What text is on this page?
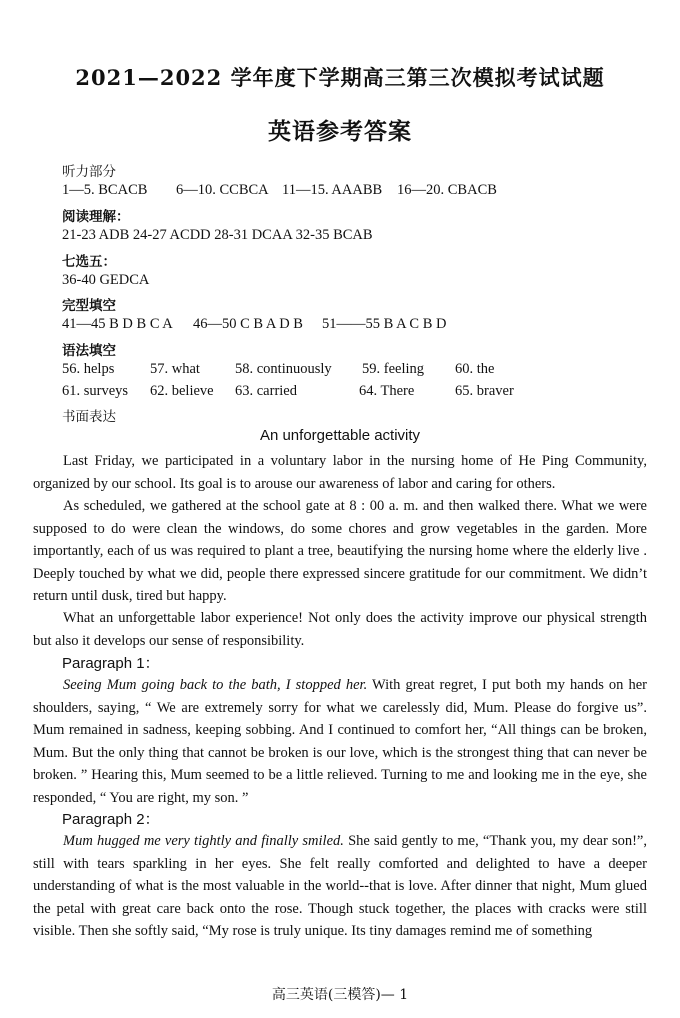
2021—2022 学年度下学期高三第三次模拟考试试题
英语参考答案
听力部分
1—5. BCACB 6—10. CCBCA 11—15. AAABB 16—20. CBACB
阅读理解：
21-23 ADB 24-27 ACDD 28-31 DCAA 32-35 BCAB
七选五：
36-40 GEDCA
完型填空
41—45 B D B C A 46—50 C B A D B 51——55 B A C B D
语法填空
56. helps 57. what 58. continuously 59. feeling 60. the
61. surveys 62. believe 63. carried	64. There	65. braver
书面表达
An unforgettable activity

Last Friday, we participated in a voluntary labor in the nursing home of He Ping Community, organized by our school. Its goal is to arouse our awareness of labor and caring for others.

As scheduled, we gathered at the school gate at 8 : 00 a. m. and then walked there. What we were supposed to do were clean the windows, do some chores and grow vegetables in the garden. More importantly, each of us was required to plant a tree, beautifying the nursing home where the elderly live . Deeply touched by what we did, people there expressed sincere gratitude for our commitment. We didn’t return until dusk, tired but happy.

What an unforgettable labor experience! Not only does the activity improve our physical strength but also it develops our sense of responsibility.

Paragraph 1：

Seeing Mum going back to the bath, I stopped her. With great regret, I put both my hands on her shoulders, saying, “ We are extremely sorry for what we carelessly did, Mum. Please do forgive us”. Mum remained in sadness, keeping sobbing. And I continued to comfort her, “All things can be broken, Mum. But the only thing that cannot be broken is our love, which is the strongest thing that can never be broken. ” Hearing this, Mum seemed to be a little relieved. Turning to me and looking me in the eye, she responded, “ You are right, my son. ”

Paragraph 2：

Mum hugged me very tightly and finally smiled. She said gently to me, “Thank you, my dear son!”, still with tears sparkling in her eyes. She felt really comforted and delighted to have a deeper understanding of what is the most valuable in the world--that is love. After dinner that night, Mum glued the petal with great care back onto the rose. Though stuck together, the places with cracks were still visible. Then she softly said, “My rose is truly unique. Its tiny damages remind me of something

高三英语(三模答)— 1
